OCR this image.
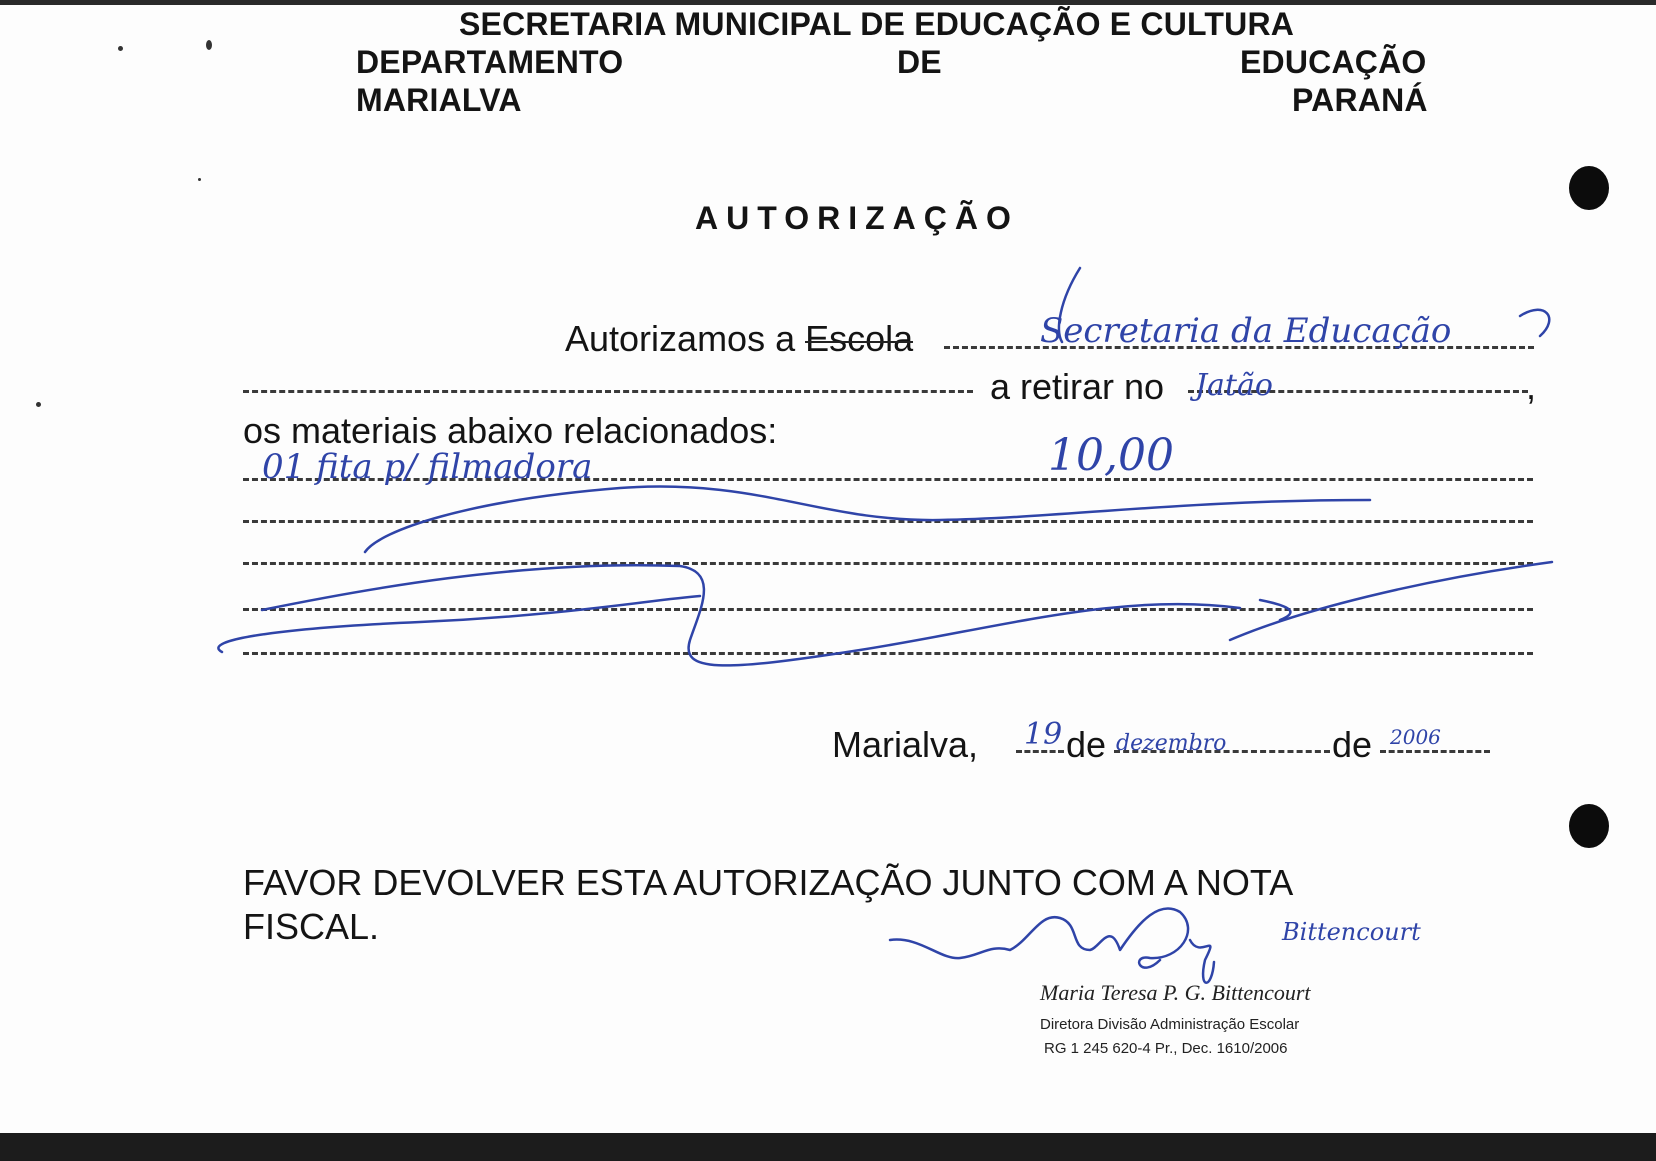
SECRETARIA MUNICIPAL DE EDUCAÇÃO E CULTURA
DEPARTAMENTO	DE	EDUCAÇÃO
MARIALVA	PARANÁ
AUTORIZAÇÃO
Autorizamos a Escola
a retirar no	,
os materiais abaixo relacionados:
Marialva, de	de
FAVOR DEVOLVER ESTA AUTORIZAÇÃO JUNTO COM A NOTA
FISCAL.
Maria Teresa P. G. Bittencourt
Diretora Divisão Administração Escolar
RG 1 245 620-4 Pr., Dec. 1610/2006
Secretaria da Educação
Jatão
01 fita p/ filmadora	10,00
19 dezembro	2006
Bittencourt
